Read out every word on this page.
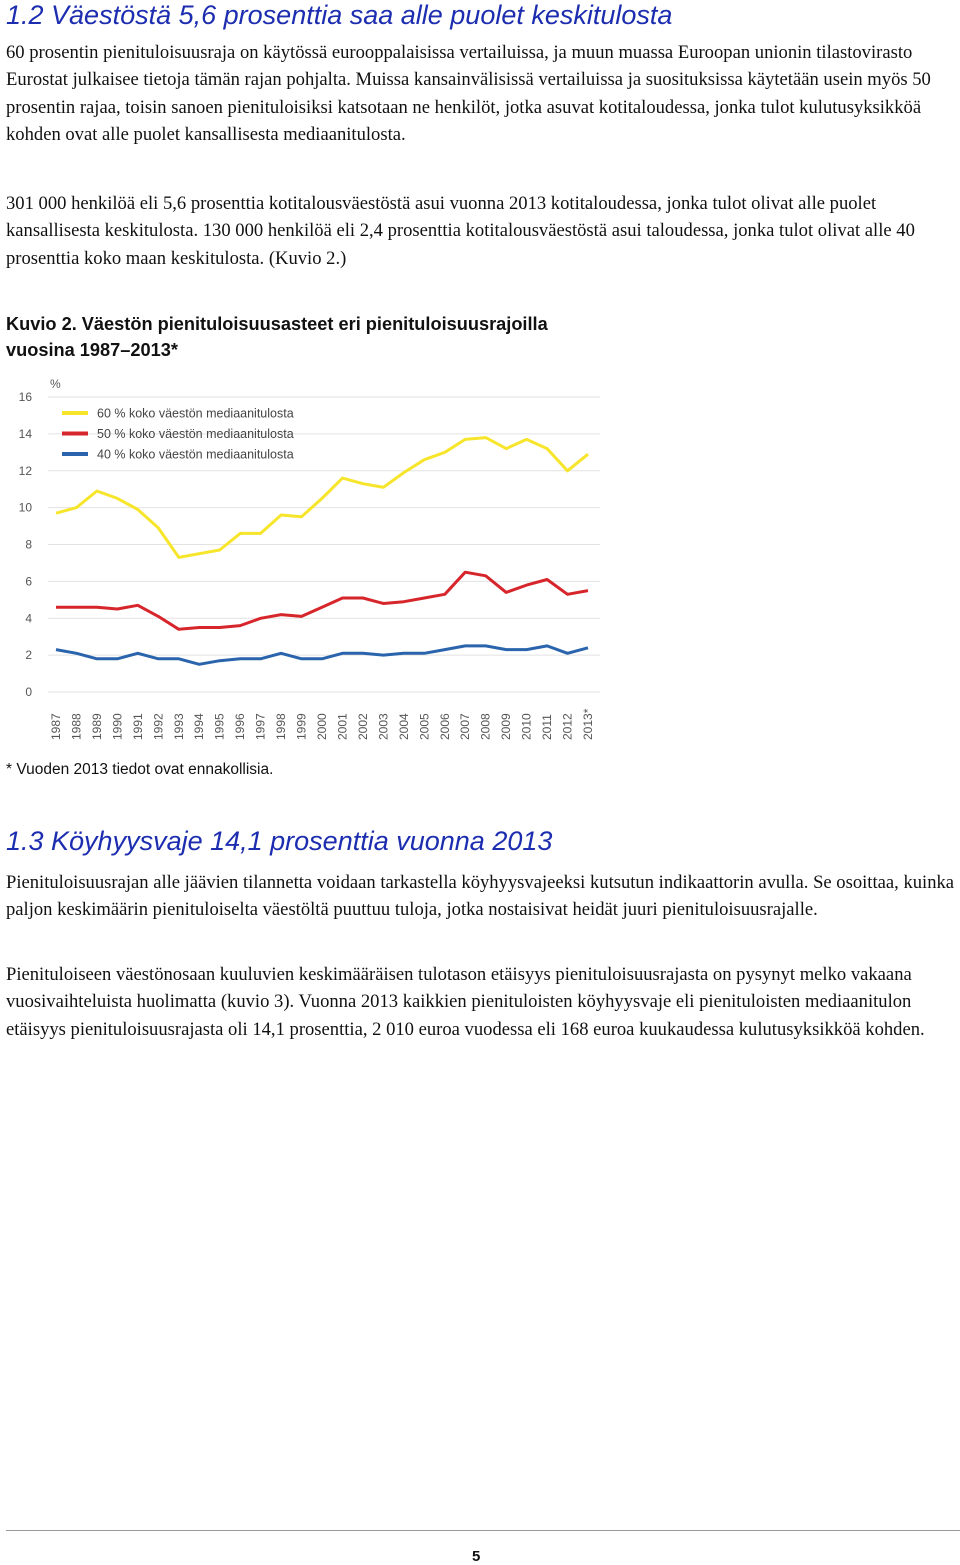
1.2 Väestöstä 5,6 prosenttia saa alle puolet keskitulosta

60 prosentin pienituloisuusraja on käytössä eurooppalaisissa vertailuissa, ja muun muassa Euroopan unionin tilastovirasto Eurostat julkaisee tietoja tämän rajan pohjalta. Muissa kansainvälisissä vertailuissa ja suosituksissa käytetään usein myös 50 prosentin rajaa, toisin sanoen pienituloisiksi katsotaan ne henkilöt, jotka asuvat kotitaloudessa, jonka tulot kulutusyksikköä kohden ovat alle puolet kansallisesta mediaanitulosta.

301 000 henkilöä eli 5,6 prosenttia kotitalousväestöstä asui vuonna 2013 kotitaloudessa, jonka tulot olivat alle puolet kansallisesta keskitulosta. 130 000 henkilöä eli 2,4 prosenttia kotitalousväestöstä asui taloudessa, jonka tulot olivat alle 40 prosenttia koko maan keskitulosta. (Kuvio 2.)

Kuvio 2. Väestön pienituloisuusasteet eri pienituloisuusrajoilla
vuosina 1987–2013*
0
2
4
6
8
10
12
14
16
%
1987 1988 1989 1990 1991 1992 1993 1994 1995 1996 1997 1998 1999 2000 2001 2002 2003 2004 2005 2006 2007 2008 2009 2010 2011 2012 2013*
60 % koko väestön mediaanitulosta
50 % koko väestön mediaanitulosta
40 % koko väestön mediaanitulosta

* Vuoden 2013 tiedot ovat ennakollisia.

1.3 Köyhyysvaje 14,1 prosenttia vuonna 2013

Pienituloisuusrajan alle jäävien tilannetta voidaan tarkastella köyhyysvajeeksi kutsutun indikaattorin avulla. Se osoittaa, kuinka paljon keskimäärin pienituloiselta väestöltä puuttuu tuloja, jotka nostaisivat heidät juuri pienituloisuusrajalle.

Pienituloiseen väestönosaan kuuluvien keskimääräisen tulotason etäisyys pienituloisuusrajasta on pysynyt melko vakaana vuosivaihteluista huolimatta (kuvio 3). Vuonna 2013 kaikkien pienituloisten köyhyysvaje eli pienituloisten mediaanitulon etäisyys pienituloisuusrajasta oli 14,1 prosenttia, 2 010 euroa vuodessa eli 168 euroa kuukaudessa kulutusyksikköä kohden.

5
